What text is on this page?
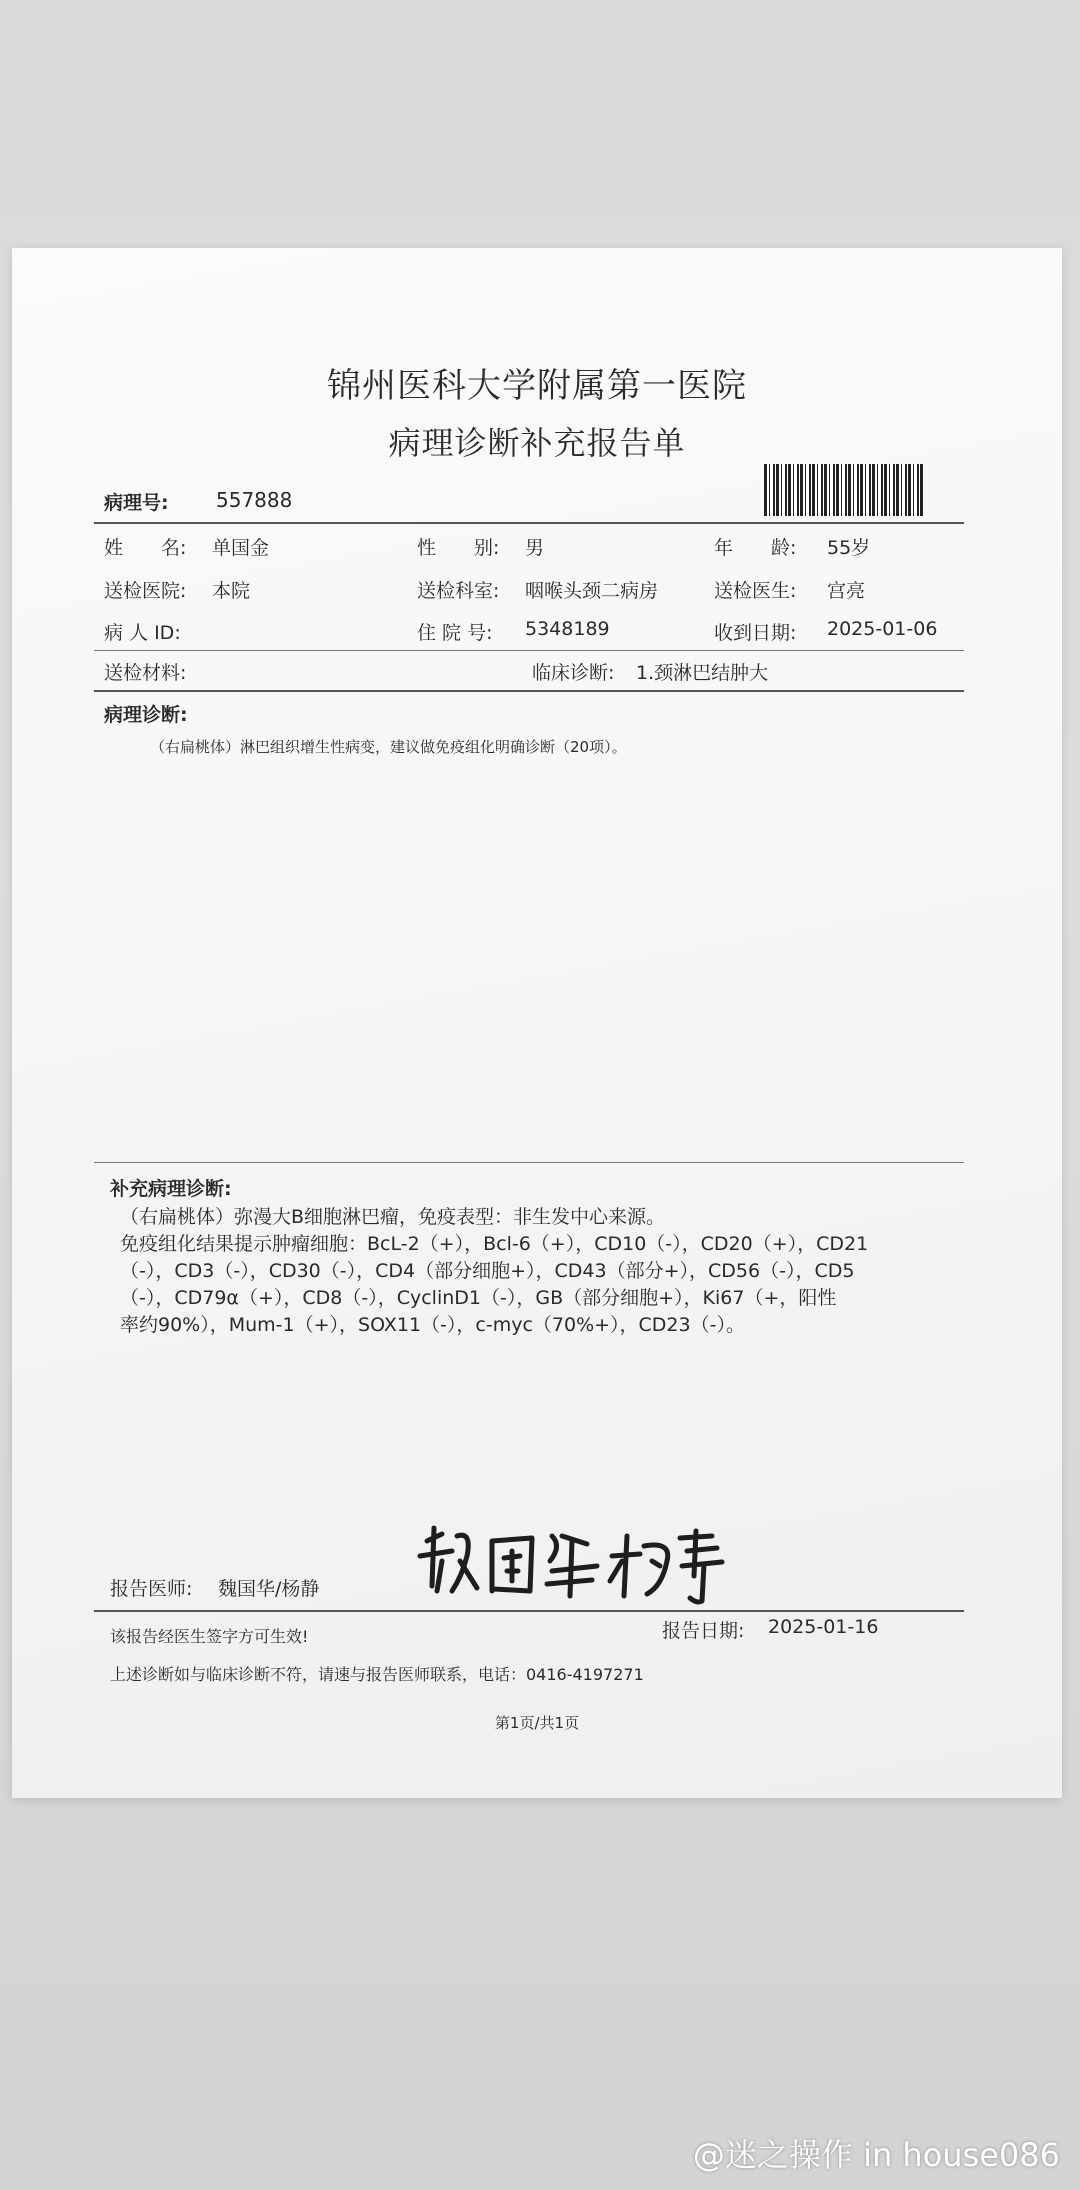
锦州医科大学附属第一医院
病理诊断补充报告单
病理号: 557888
姓　　名: 单国金	性　　别: 男	年　　龄: 55岁
送检医院: 本院	送检科室: 咽喉头颈二病房	送检医生: 宫亮
病 人 ID:	住 院 号: 5348189	收到日期: 2025-01-06
送检材料:	临床诊断: 1.颈淋巴结肿大
病理诊断:
（右扁桃体）淋巴组织增生性病变，建议做免疫组化明确诊断（20项）。
补充病理诊断:
（右扁桃体）弥漫大B细胞淋巴瘤，免疫表型：非生发中心来源。
免疫组化结果提示肿瘤细胞：BcL-2（+），Bcl-6（+），CD10（-），CD20（+），CD21
（-），CD3（-），CD30（-），CD4（部分细胞+），CD43（部分+），CD56（-），CD5
（-），CD79α（+），CD8（-），CyclinD1（-），GB（部分细胞+），Ki67（+，阳性
率约90%），Mum-1（+），SOX11（-），c-myc（70%+），CD23（-）。
报告医师: 魏国华/杨静
该报告经医生签字方可生效!	报告日期: 2025-01-16
上述诊断如与临床诊断不符，请速与报告医师联系，电话：0416-4197271
第1页/共1页
@迷之操作 in house086
